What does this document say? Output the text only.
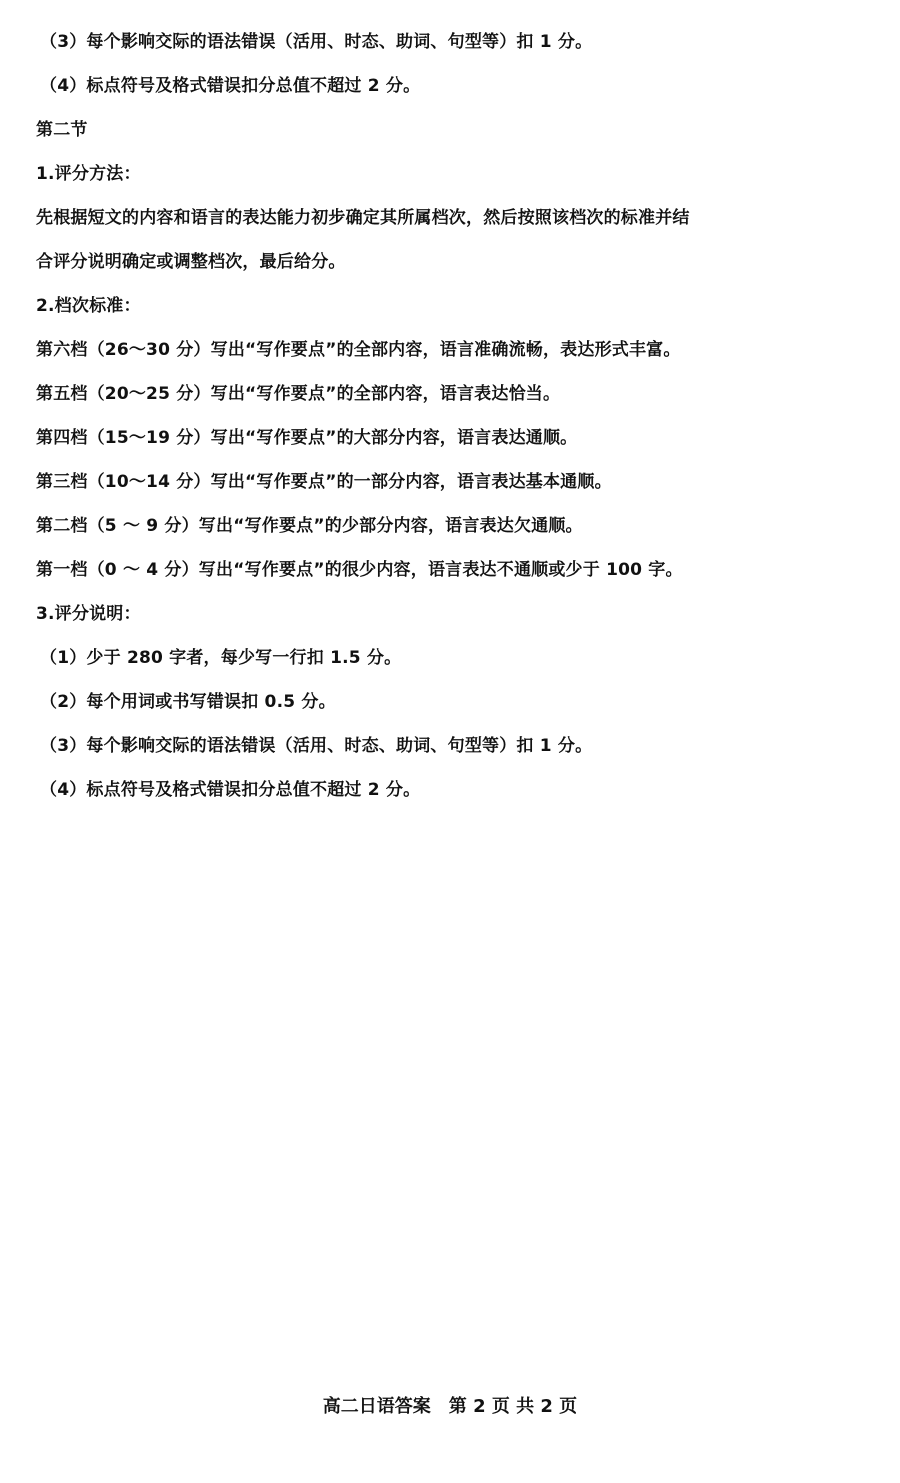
（3）每个影响交际的语法错误（活用、时态、助词、句型等）扣 1 分。
（4）标点符号及格式错误扣分总值不超过 2 分。
第二节
1.评分方法：
先根据短文的内容和语言的表达能力初步确定其所属档次，然后按照该档次的标准并结
合评分说明确定或调整档次，最后给分。
2.档次标准：
第六档（26～30 分）写出“写作要点”的全部内容，语言准确流畅，表达形式丰富。
第五档（20～25 分）写出“写作要点”的全部内容，语言表达恰当。
第四档（15～19 分）写出“写作要点”的大部分内容，语言表达通顺。
第三档（10～14 分）写出“写作要点”的一部分内容，语言表达基本通顺。
第二档（5 ～ 9 分）写出“写作要点”的少部分内容，语言表达欠通顺。
第一档（0 ～ 4 分）写出“写作要点”的很少内容，语言表达不通顺或少于 100 字。
3.评分说明：
（1）少于 280 字者，每少写一行扣 1.5 分。
（2）每个用词或书写错误扣 0.5 分。
（3）每个影响交际的语法错误（活用、时态、助词、句型等）扣 1 分。
（4）标点符号及格式错误扣分总值不超过 2 分。
高二日语答案　第 2 页 共 2 页
